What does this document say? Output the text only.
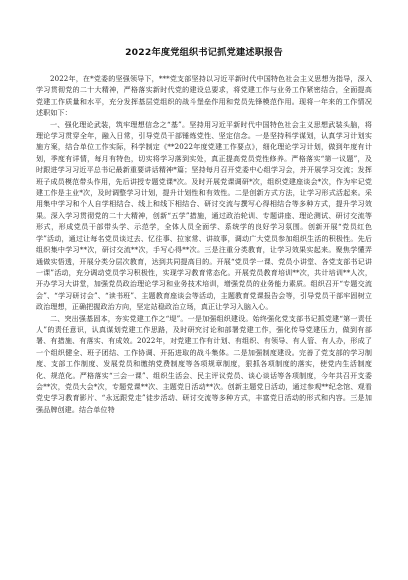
2022年度党组织书记抓党建述职报告

2022年，在*党委的坚强领导下，***党支部坚持以习近平新时代中国特色社会主义思想为指导，深入学习贯彻党的二十大精神，严格落实新时代党的建设总要求，将党建工作与业务工作紧密结合，全面提高党建工作质量和水平，充分发挥基层党组织的战斗堡垒作用和党员先锋模范作用。现将一年来的工作情况述职如下：

一、强化理论武装，筑牢理想信念之“基”。坚持用习近平新时代中国特色社会主义思想武装头脑，将理论学习贯穿全年，融入日常，引导党员干部锤炼党性、坚定信念。一是坚持科学谋划，认真学习计划实施方案，结合单位工作实际，科学制定《**2022年度党建工作要点》，细化理论学习计划，做到年度有计划，季度有详情，每月有特色，切实将学习落到实处，真正提高党员党性修养。严格落实“第一议题”，及时跟进学习习近平总书记最新重要讲话精神*篇；坚持每月召开党委中心组学习会，并开展学习交流；发挥班子成员模范带头作用，先后讲授专题党课*次。及时开展党课调研*次，组织党建座谈会*次，作为牢记党建工作是主业*次，及时调整学习计划，提升计划性和有效性。二是创新方式方法，让学习形式活起来。采用集中学习和个人自学相结合、线上和线下相结合、研讨交流与撰写心得相结合等多种方式，提升学习效果。深入学习贯彻党的二十大精神，创新“五学”措施，通过政治轮训、专题讲座、理论测试、研讨交流等形式，形成党员干部带头学、示范学，全体人员全面学、系统学的良好学习氛围。创新开展“党员红色学”活动，通过让每名党员谈过去、忆往事、拉家常、讲故事，调动广大党员参加组织生活的积极性。先后组织集中学习**次，研讨交流**次，手写心得**次。三是注重分类教育，让学习效果实起来。聚焦学懂弄通做实悟透，开展分类分层次教育，达到共同提高目的。开展“党员学一课、党员小讲堂、各党支部书记讲一课”活动，充分调动党员学习积极性，实现学习教育常态化。开展党员教育培训**次，共计培训**人次，开办学习大讲堂，加强党员政治理论学习和业务技术培训，增强党员的业务能力素质。组织召开“专题交流会”、“学习研讨会”、“读书班”、主题教育座谈会等活动，主题教育党课报告会等，引导党员干部牢固树立政治理想，正确把握政治方向，坚定站稳政治立场，真正让学习入脑入心。

二、突出强基固本，夯实党建工作之“堤”。一是加强组织建设。始终强化党支部书记抓党建“第一责任人”的责任意识，认真谋划党建工作思路，及时研究讨论和部署党建工作，强化传导党建压力，做到有部署、有措施、有落实、有成效。2022年，对党建工作有计划、有组织、有领导、有人管、有人办，形成了一个组织健全、班子团结、工作协调、开拓进取的战斗集体。二是加强制度建设。完善了党支部的学习制度、支部工作制度、发展党员和缴纳党费制度等各项规章制度，狠抓各项制度的落实，使党内生活制度化、规范化。严格落实“三会一课”、组织生活会、民主评议党员、谈心谈话等各项制度，今年共召开支委会**次，党员大会*次，专题党课**次、主题党日活动**次。创新主题党日活动，通过参观**纪念馆、观看党史学习教育影片、“永远跟党走”徒步活动、研讨交流等多种方式，丰富党日活动的形式和内容。三是加强品牌创建。结合单位特
